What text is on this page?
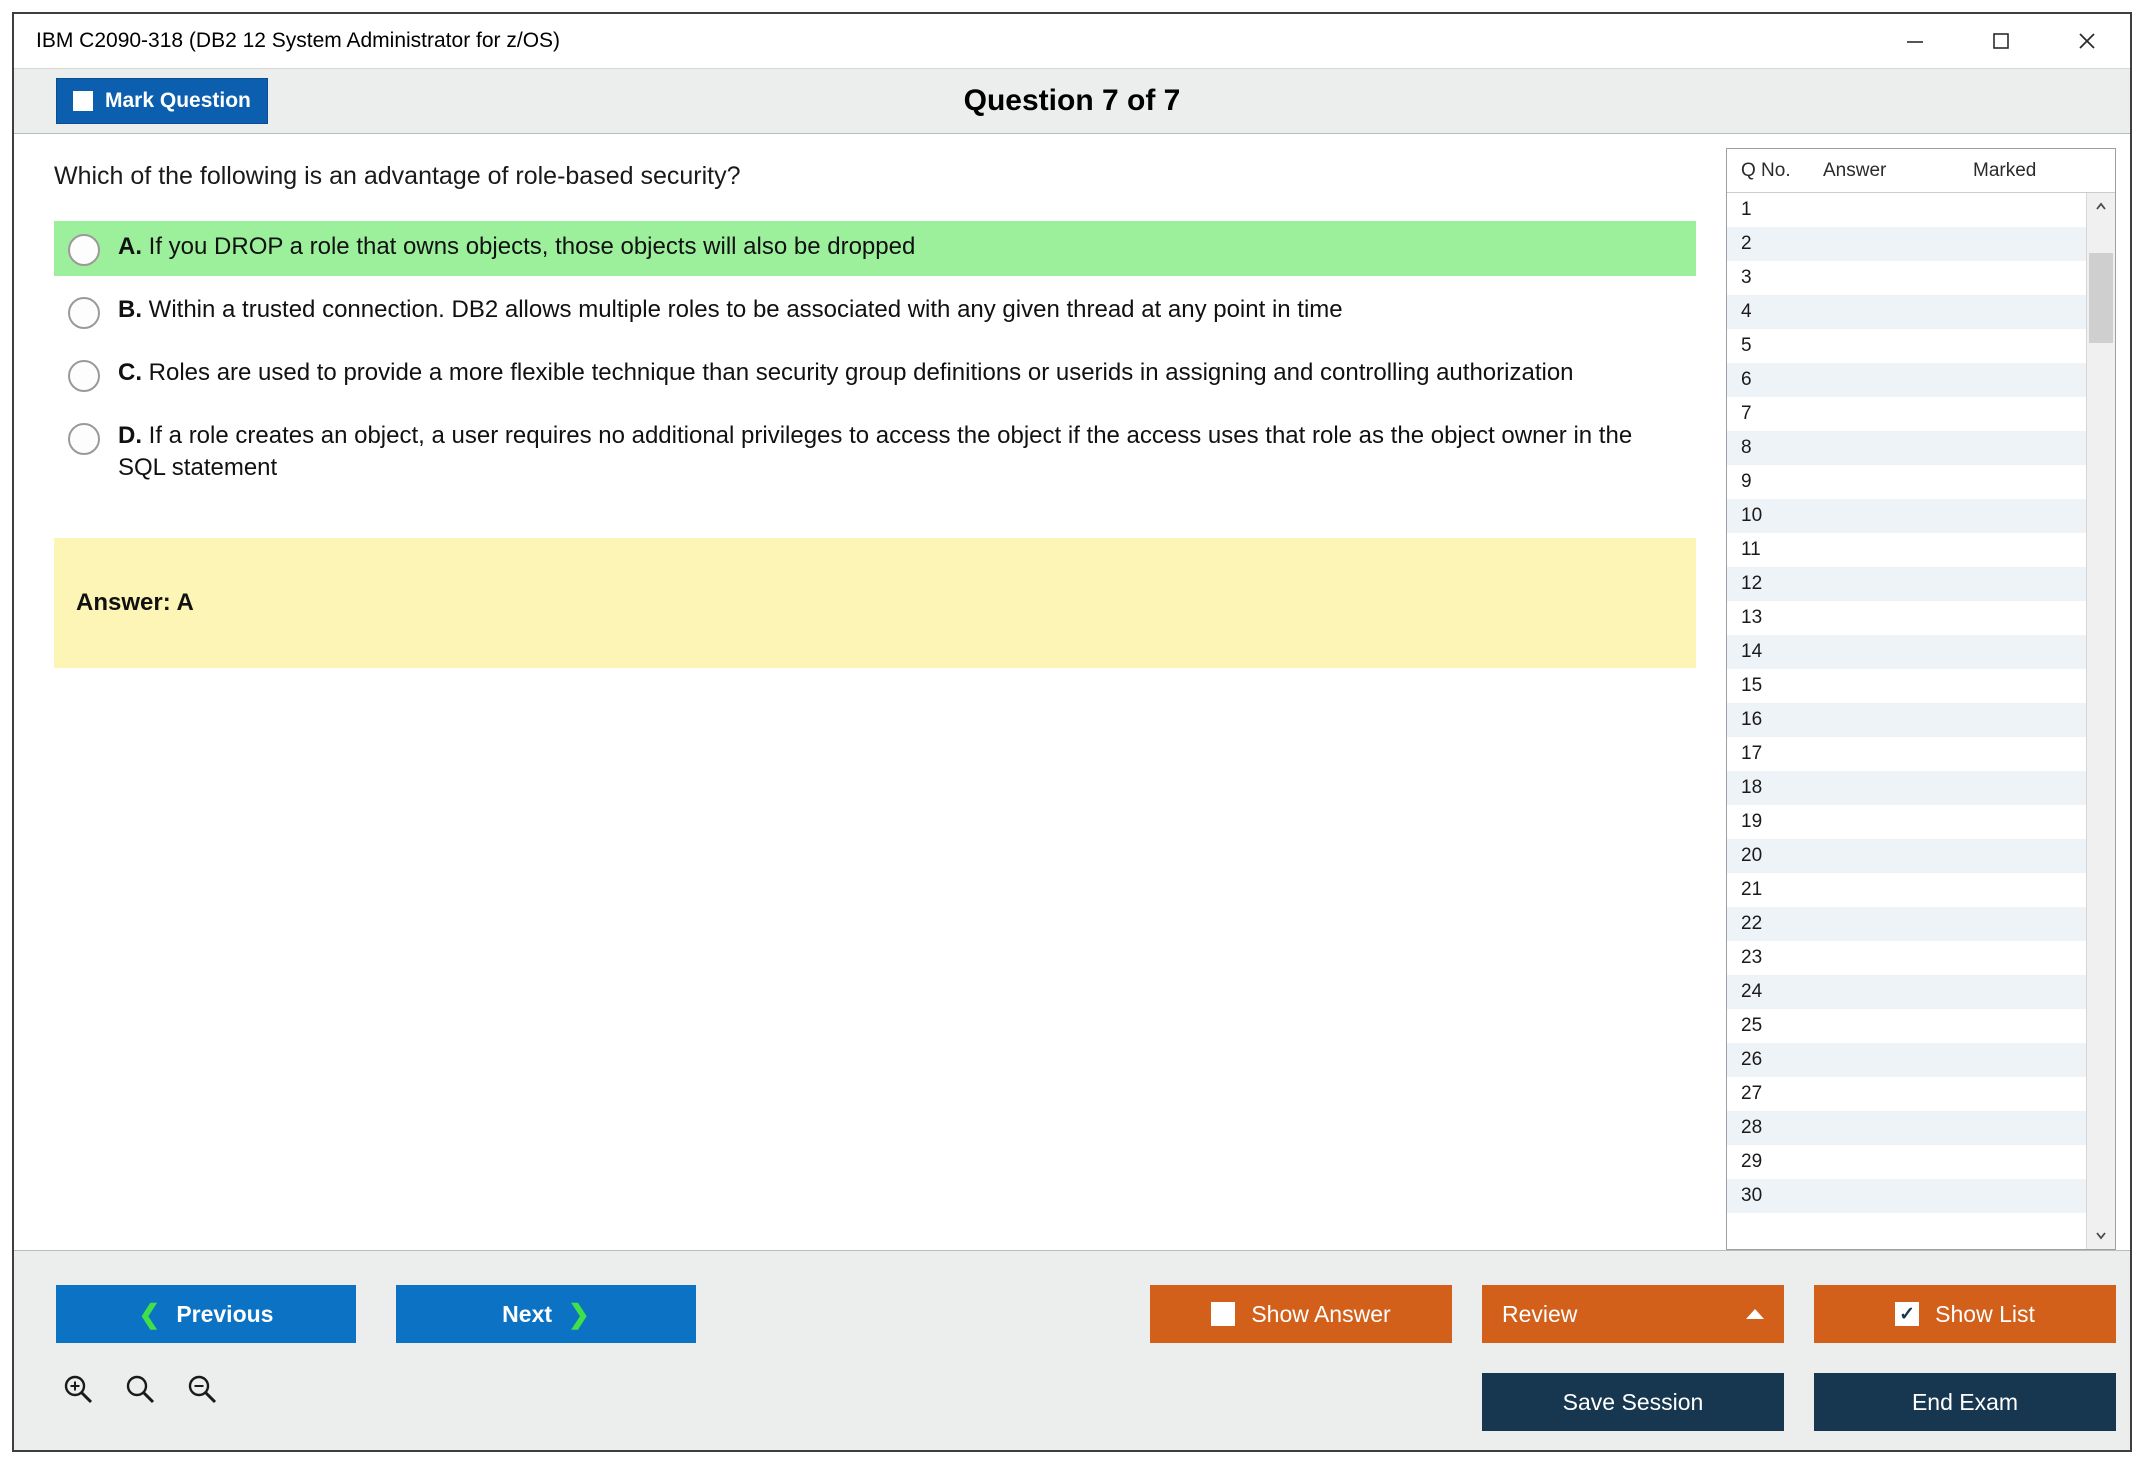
IBM C2090-318 (DB2 12 System Administrator for z/OS)
Mark Question	Question 7 of 7
Which of the following is an advantage of role-based security?
A. If you DROP a role that owns objects, those objects will also be dropped
B. Within a trusted connection. DB2 allows multiple roles to be associated with any given thread at any point in time
C. Roles are used to provide a more flexible technique than security group definitions or userids in assigning and controlling authorization
D. If a role creates an object, a user requires no additional privileges to access the object if the access uses that role as the object owner in the SQL statement
Answer: A
Q No.	Answer	Marked
1
2
3
4
5
6
7
8
9
10
11
12
13
14
15
16
17
18
19
20
21
22
23
24
25
26
27
28
29
30
❮ Previous	Next ❯	Show Answer	Review	✓ Show List
Save Session	End Exam
